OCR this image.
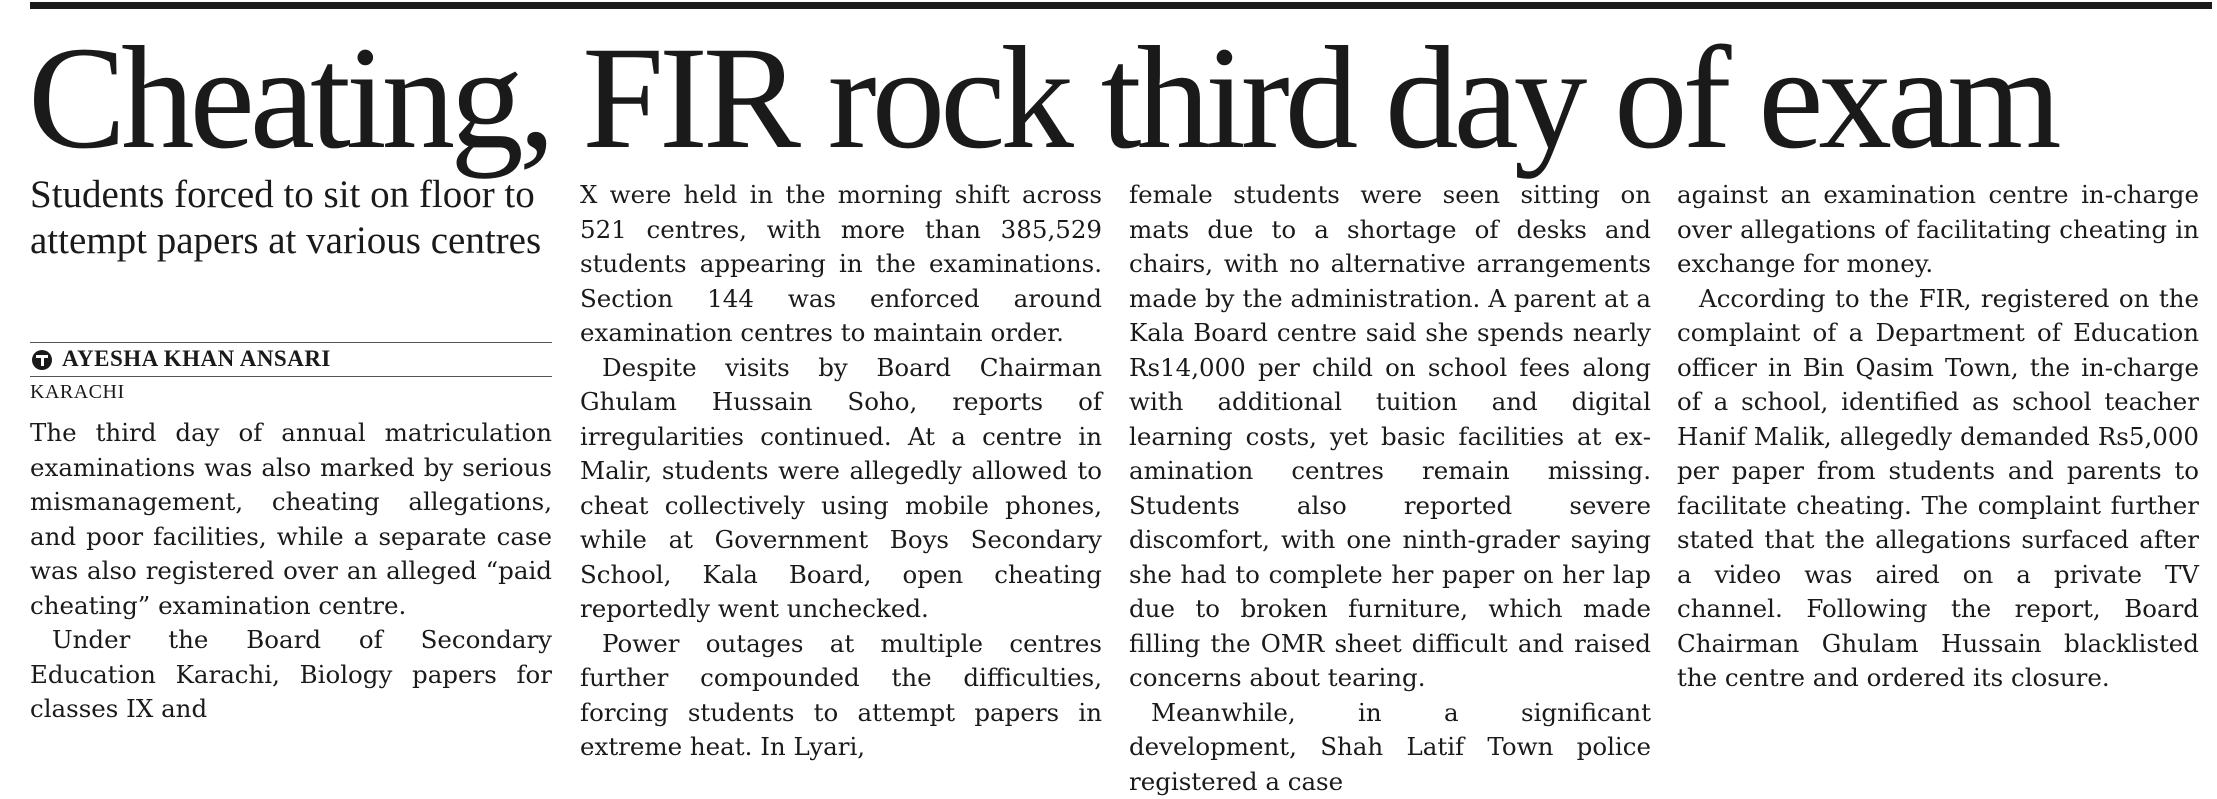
Cheating, FIR rock third day of exam

Students forced to sit on floor to attempt papers at various centres

AYESHA KHAN ANSARI
KARACHI

The third day of annual matriculation examinations was also marked by serious mismanagement, cheating allegations, and poor facilities, while a separate case was also registered over an alleged “paid cheating” examination centre.

Under the Board of Secondary Education Karachi, Biology papers for classes IX and

X were held in the morning shift across 521 centres, with more than 385,529 students appearing in the examinations. Section 144 was enforced around examination centres to maintain order.

Despite visits by Board Chairman Ghulam Hussain Soho, reports of irregularities continued. At a centre in Malir, students were allegedly allowed to cheat collectively using mobile phones, while at Government Boys Secondary School, Kala Board, open cheating reportedly went unchecked.

Power outages at multiple centres further compounded the difficulties, forcing students to attempt papers in extreme heat. In Lyari,

female students were seen sitting on mats due to a shortage of desks and chairs, with no alternative arrangements made by the administration. A parent at a Kala Board centre said she spends nearly Rs14,000 per child on school fees along with additional tuition and digital learning costs, yet basic facilities at examination centres remain missing. Students also reported severe discomfort, with one ninth-grader saying she had to complete her paper on her lap due to broken furniture, which made filling the OMR sheet difficult and raised concerns about tearing.

Meanwhile, in a significant development, Shah Latif Town police registered a case

against an examination centre in-charge over allegations of facilitating cheating in exchange for money.

According to the FIR, registered on the complaint of a Department of Education officer in Bin Qasim Town, the in-charge of a school, identified as school teacher Hanif Malik, allegedly demanded Rs5,000 per paper from students and parents to facilitate cheating. The complaint further stated that the allegations surfaced after a video was aired on a private TV channel. Following the report, Board Chairman Ghulam Hussain blacklisted the centre and ordered its closure.
